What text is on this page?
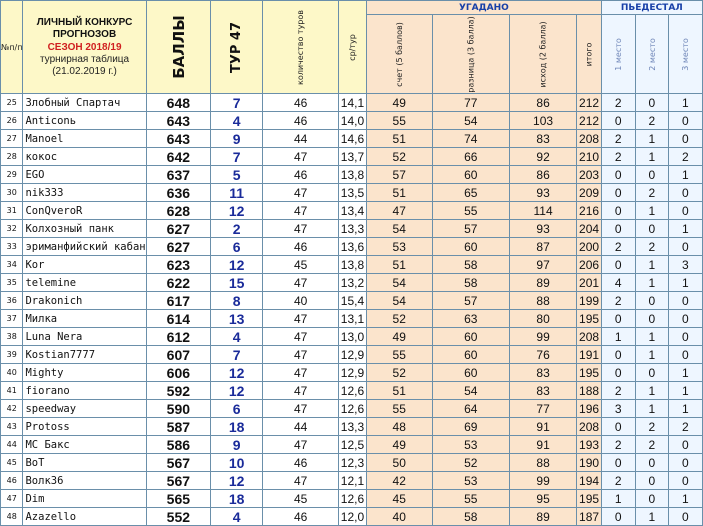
№п/п	ЛИЧНЫЙ КОНКУРС
ПРОГНОЗОВ
СЕЗОН 2018/19
турнирная таблица
(21.02.2019 г.)	БАЛЛЫ	ТУР 47	количество туров	ср/тур	УГАДАНО				ПЬЕДЕСТАЛ		

						счет (5 баллов)	разница (3 балла)	исход (2 балла)	итого	1 место	2 место	3 место

25	Злобный Спартач	648	7	46	14,1	49	77	86	212	2	0	1
26	Anticonь	643	4	46	14,0	55	54	103	212	0	2	0
27	Manoel	643	9	44	14,6	51	74	83	208	2	1	0
28	кокос	642	7	47	13,7	52	66	92	210	2	1	2
29	EGO	637	5	46	13,8	57	60	86	203	0	0	1
30	nik333	636	11	47	13,5	51	65	93	209	0	2	0
31	ConQveroR	628	12	47	13,4	47	55	114	216	0	1	0
32	Колхозный панк	627	2	47	13,3	54	57	93	204	0	0	1
33	эриманфийский кабан	627	6	46	13,6	53	60	87	200	2	2	0
34	Kor	623	12	45	13,8	51	58	97	206	0	1	3
35	telemine	622	15	47	13,2	54	58	89	201	4	1	1
36	Drakonich	617	8	40	15,4	54	57	88	199	2	0	0
37	Милка	614	13	47	13,1	52	63	80	195	0	0	0
38	Luna Nera	612	4	47	13,0	49	60	99	208	1	1	0
39	Kostian7777	607	7	47	12,9	55	60	76	191	0	1	0
40	Mighty	606	12	47	12,9	52	60	83	195	0	0	1
41	fiorano	592	12	47	12,6	51	54	83	188	2	1	1
42	speedway	590	6	47	12,6	55	64	77	196	3	1	1
43	Protoss	587	18	44	13,3	48	69	91	208	0	2	2
44	MC Бакс	586	9	47	12,5	49	53	91	193	2	2	0
45	BoT	567	10	46	12,3	50	52	88	190	0	0	0
46	Волк36	567	12	47	12,1	42	53	99	194	2	0	0
47	Dim	565	18	45	12,6	45	55	95	195	1	0	1
48	Azazello	552	4	46	12,0	40	58	89	187	0	1	0
